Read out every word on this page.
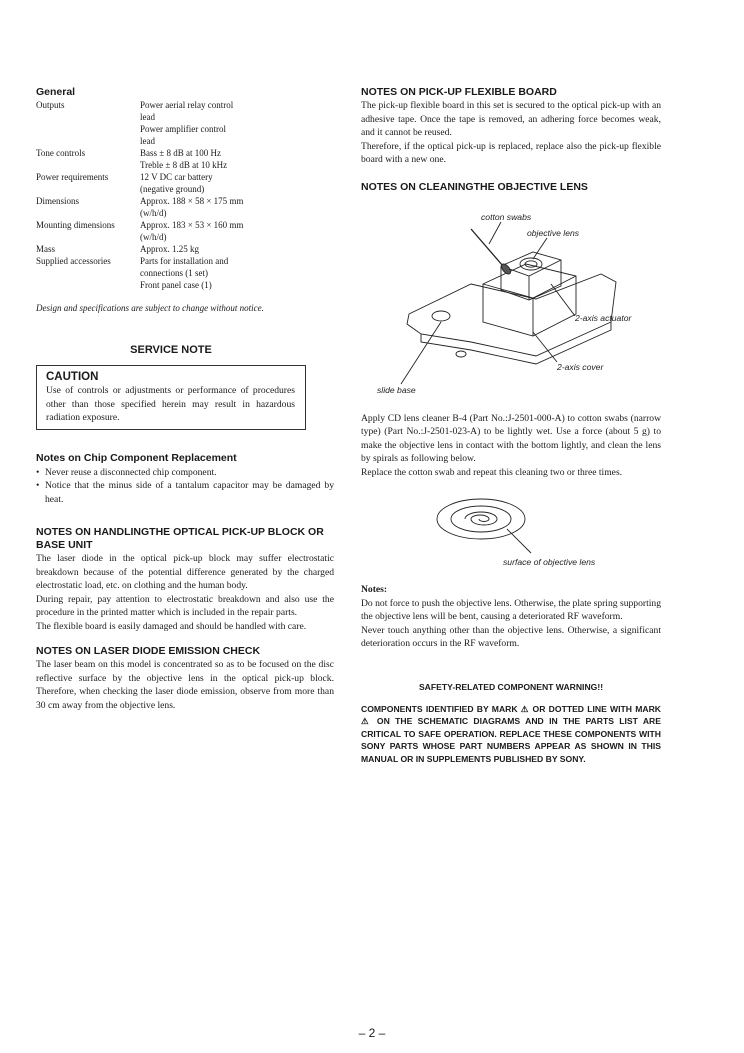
General
Outputs	Power aerial relay control
lead
Power amplifier control
lead

Tone controls	Bass ± 8 dB at 100 Hz
Treble ± 8 dB at 10 kHz

Power requirements	12 V DC car battery
(negative ground)

Dimensions	Approx. 188 × 58 × 175 mm
(w/h/d)

Mounting dimensions	Approx. 183 × 53 × 160 mm
(w/h/d)

Mass	Approx. 1.25 kg

Supplied accessories	Parts for installation and
connections (1 set)
Front panel case (1)
Design and specifications are subject to change without notice.
SERVICE NOTE
CAUTION
Use of controls or adjustments or performance of procedures other than those specified herein may result in hazardous radiation exposure.
Notes on Chip Component Replacement
• Never reuse a disconnected chip component.
• Notice that the minus side of a tantalum capacitor may be damaged by heat.
NOTES ON HANDLINGTHE OPTICAL PICK-UP BLOCK OR BASE UNIT
The laser diode in the optical pick-up block may suffer electrostatic breakdown because of the potential difference generated by the charged electrostatic load, etc. on clothing and the human body.
During repair, pay attention to electrostatic breakdown and also use the procedure in the printed matter which is included in the repair parts.
The flexible board is easily damaged and should be handled with care.
NOTES ON LASER DIODE EMISSION CHECK
The laser beam on this model is concentrated so as to be focused on the disc reflective surface by the objective lens in the optical pick-up block. Therefore, when checking the laser diode emission, observe from more than 30 cm away from the objective lens.
NOTES ON PICK-UP FLEXIBLE BOARD
The pick-up flexible board in this set is secured to the optical pick-up with an adhesive tape. Once the tape is removed, an adhering force becomes weak, and it cannot be reused.
Therefore, if the optical pick-up is replaced, replace also the pick-up flexible board with a new one.
NOTES ON CLEANINGTHE OBJECTIVE LENS
cotton swabs
objective lens
2-axis actuator
2-axis cover
slide base
Apply CD lens cleaner B-4 (Part No.:J-2501-000-A) to cotton swabs (narrow type) (Part No.:J-2501-023-A) to be lightly wet. Use a force (about 5 g) to make the objective lens in contact with the bottom lightly, and clean the lens by spirals as following below.
Replace the cotton swab and repeat this cleaning two or three times.
surface of objective lens
Notes:
Do not force to push the objective lens. Otherwise, the plate spring supporting the objective lens will be bent, causing a deteriorated RF waveform.
Never touch anything other than the objective lens. Otherwise, a significant deterioration occurs in the RF waveform.
SAFETY-RELATED COMPONENT WARNING!!
COMPONENTS IDENTIFIED BY MARK ⚠ OR DOTTED LINE WITH MARK ⚠ ON THE SCHEMATIC DIAGRAMS AND IN THE PARTS LIST ARE CRITICAL TO SAFE OPERATION. REPLACE THESE COMPONENTS WITH SONY PARTS WHOSE PART NUMBERS APPEAR AS SHOWN IN THIS MANUAL OR IN SUPPLEMENTS PUBLISHED BY SONY.
– 2 –
